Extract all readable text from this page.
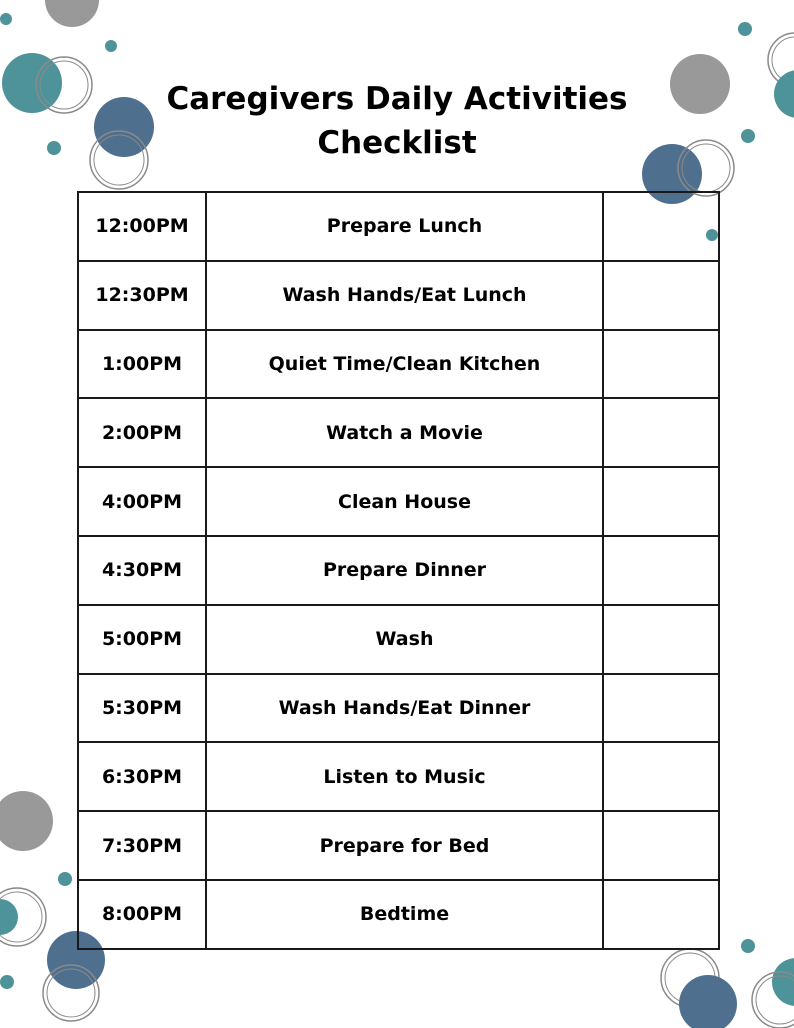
Caregivers Daily Activities
Checklist
12:00PM	Prepare Lunch	
12:30PM	Wash Hands/Eat Lunch	
1:00PM	Quiet Time/Clean Kitchen	
2:00PM	Watch a Movie	
4:00PM	Clean House	
4:30PM	Prepare Dinner	
5:00PM	Wash	
5:30PM	Wash Hands/Eat Dinner	
6:30PM	Listen to Music	
7:30PM	Prepare for Bed	
8:00PM	Bedtime	
